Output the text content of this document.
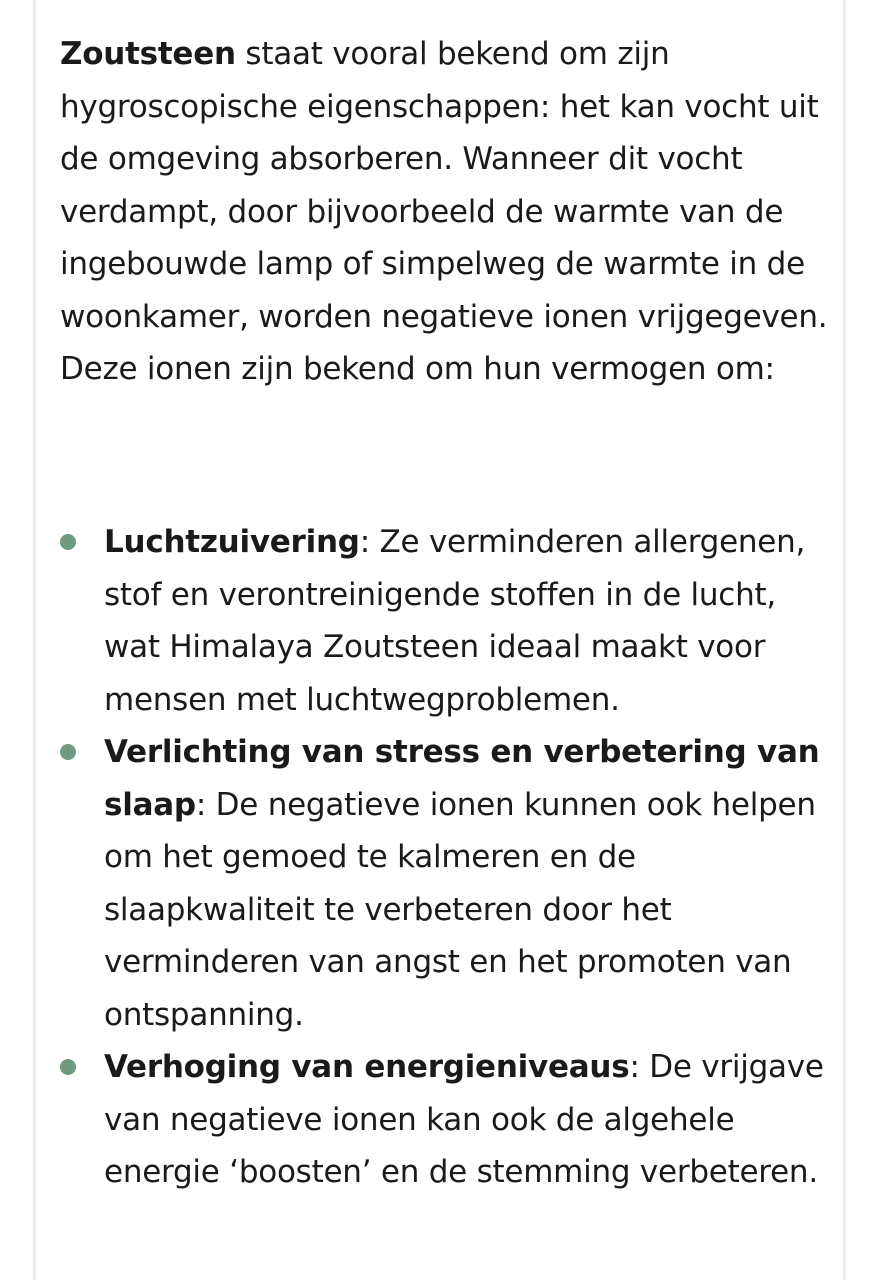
Zoutsteen staat vooral bekend om zijn hygroscopische eigenschappen: het kan vocht uit de omgeving absorberen. Wanneer dit vocht verdampt, door bijvoorbeeld de warmte van de ingebouwde lamp of simpelweg de warmte in de woonkamer, worden negatieve ionen vrijgegeven. Deze ionen zijn bekend om hun vermogen om:

Luchtzuivering: Ze verminderen allergenen, stof en verontreinigende stoffen in de lucht, wat Himalaya Zoutsteen ideaal maakt voor mensen met luchtwegproblemen.
Verlichting van stress en verbetering van slaap: De negatieve ionen kunnen ook helpen om het gemoed te kalmeren en de slaapkwaliteit te verbeteren door het verminderen van angst en het promoten van ontspanning.
Verhoging van energieniveaus: De vrijgave van negatieve ionen kan ook de algehele energie ‘boosten’ en de stemming verbeteren.
